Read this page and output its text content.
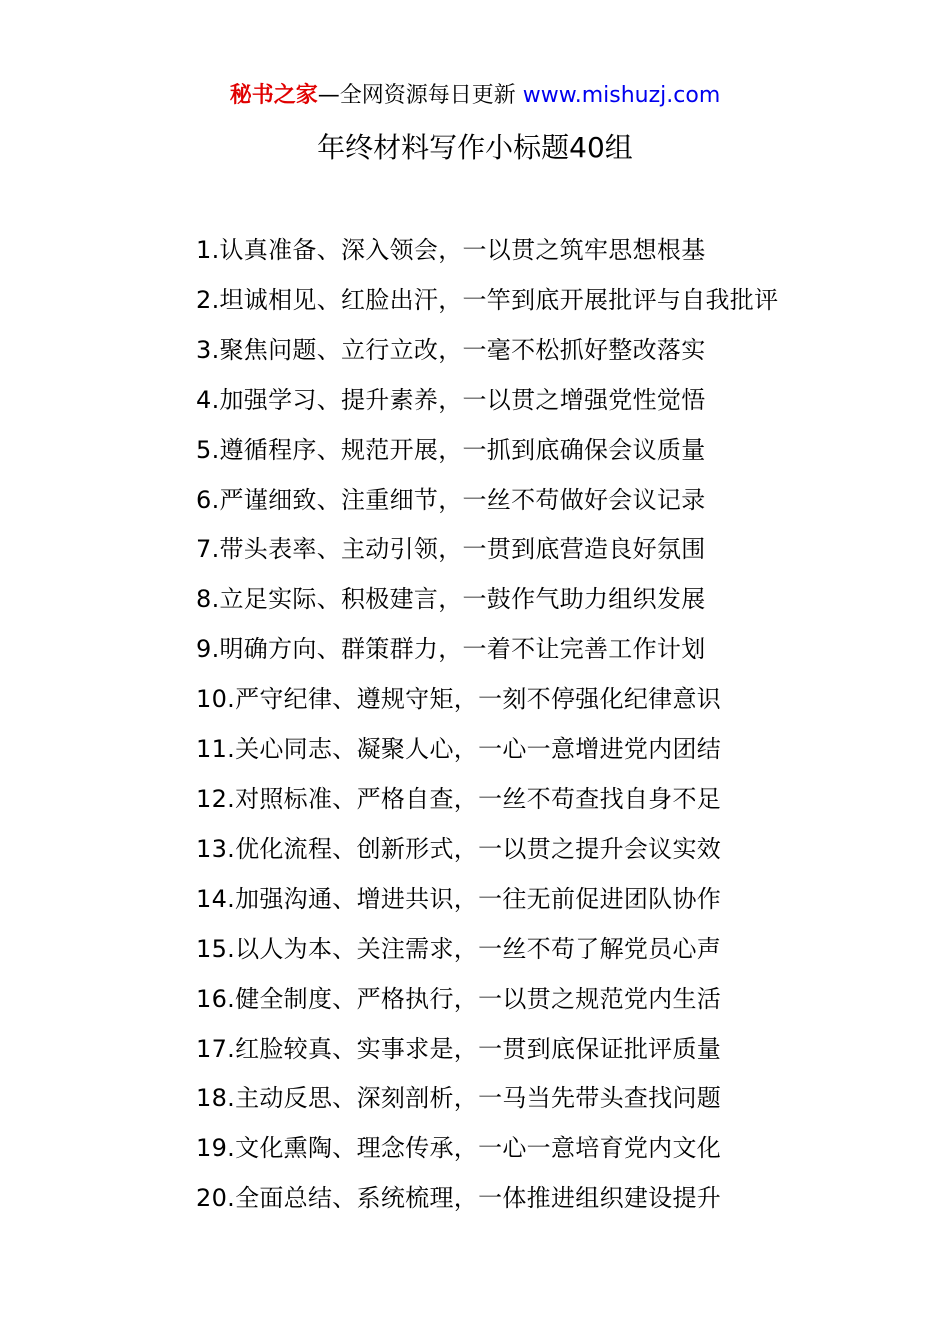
秘书之家—全网资源每日更新 www.mishuzj.com
年终材料写作小标题40组
1.认真准备、深入领会，一以贯之筑牢思想根基
2.坦诚相见、红脸出汗，一竿到底开展批评与自我批评
3.聚焦问题、立行立改，一毫不松抓好整改落实
4.加强学习、提升素养，一以贯之增强党性觉悟
5.遵循程序、规范开展，一抓到底确保会议质量
6.严谨细致、注重细节，一丝不苟做好会议记录
7.带头表率、主动引领，一贯到底营造良好氛围
8.立足实际、积极建言，一鼓作气助力组织发展
9.明确方向、群策群力，一着不让完善工作计划
10.严守纪律、遵规守矩，一刻不停强化纪律意识
11.关心同志、凝聚人心，一心一意增进党内团结
12.对照标准、严格自查，一丝不苟查找自身不足
13.优化流程、创新形式，一以贯之提升会议实效
14.加强沟通、增进共识，一往无前促进团队协作
15.以人为本、关注需求，一丝不苟了解党员心声
16.健全制度、严格执行，一以贯之规范党内生活
17.红脸较真、实事求是，一贯到底保证批评质量
18.主动反思、深刻剖析，一马当先带头查找问题
19.文化熏陶、理念传承，一心一意培育党内文化
20.全面总结、系统梳理，一体推进组织建设提升
